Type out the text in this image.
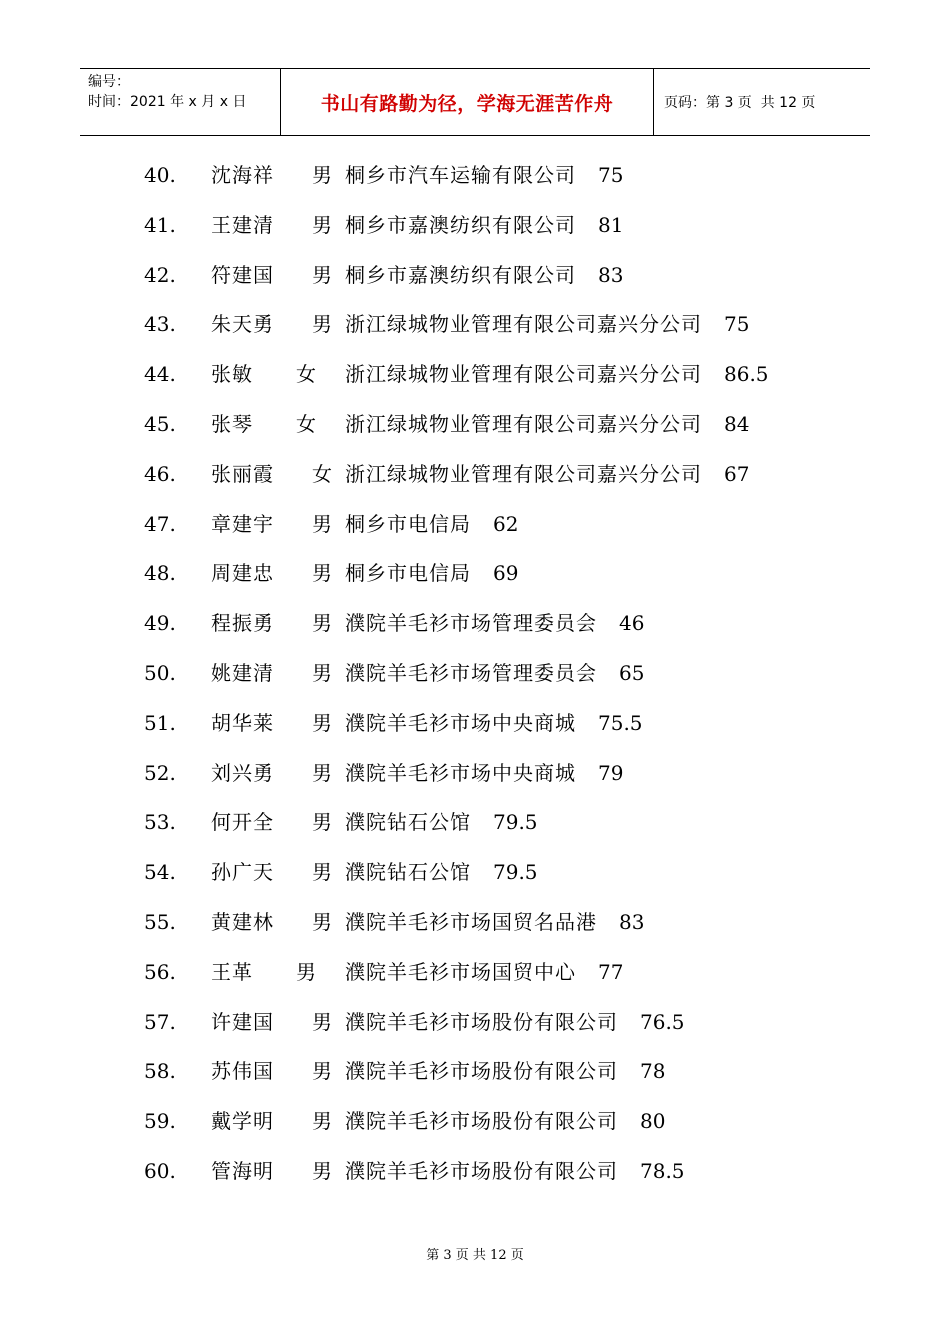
编号：
时间：2021 年 x 月 x 日	书山有路勤为径，学海无涯苦作舟	页码：第 3 页  共 12 页
40. 沈海祥 男 桐乡市汽车运输有限公司 75
41. 王建清 男 桐乡市嘉澳纺织有限公司 81
42. 符建国 男 桐乡市嘉澳纺织有限公司 83
43. 朱天勇 男 浙江绿城物业管理有限公司嘉兴分公司 75
44. 张敏 女 浙江绿城物业管理有限公司嘉兴分公司 86.5
45. 张琴 女 浙江绿城物业管理有限公司嘉兴分公司 84
46. 张丽霞 女 浙江绿城物业管理有限公司嘉兴分公司 67
47. 章建宇 男 桐乡市电信局 62
48. 周建忠 男 桐乡市电信局 69
49. 程振勇 男 濮院羊毛衫市场管理委员会 46
50. 姚建清 男 濮院羊毛衫市场管理委员会 65
51. 胡华莱 男 濮院羊毛衫市场中央商城 75.5
52. 刘兴勇 男 濮院羊毛衫市场中央商城 79
53. 何开全 男 濮院钻石公馆 79.5
54. 孙广天 男 濮院钻石公馆 79.5
55. 黄建林 男 濮院羊毛衫市场国贸名品港 83
56. 王革 男 濮院羊毛衫市场国贸中心 77
57. 许建国 男 濮院羊毛衫市场股份有限公司 76.5
58. 苏伟国 男 濮院羊毛衫市场股份有限公司 78
59. 戴学明 男 濮院羊毛衫市场股份有限公司 80
60. 管海明 男 濮院羊毛衫市场股份有限公司 78.5
第 3 页 共 12 页
